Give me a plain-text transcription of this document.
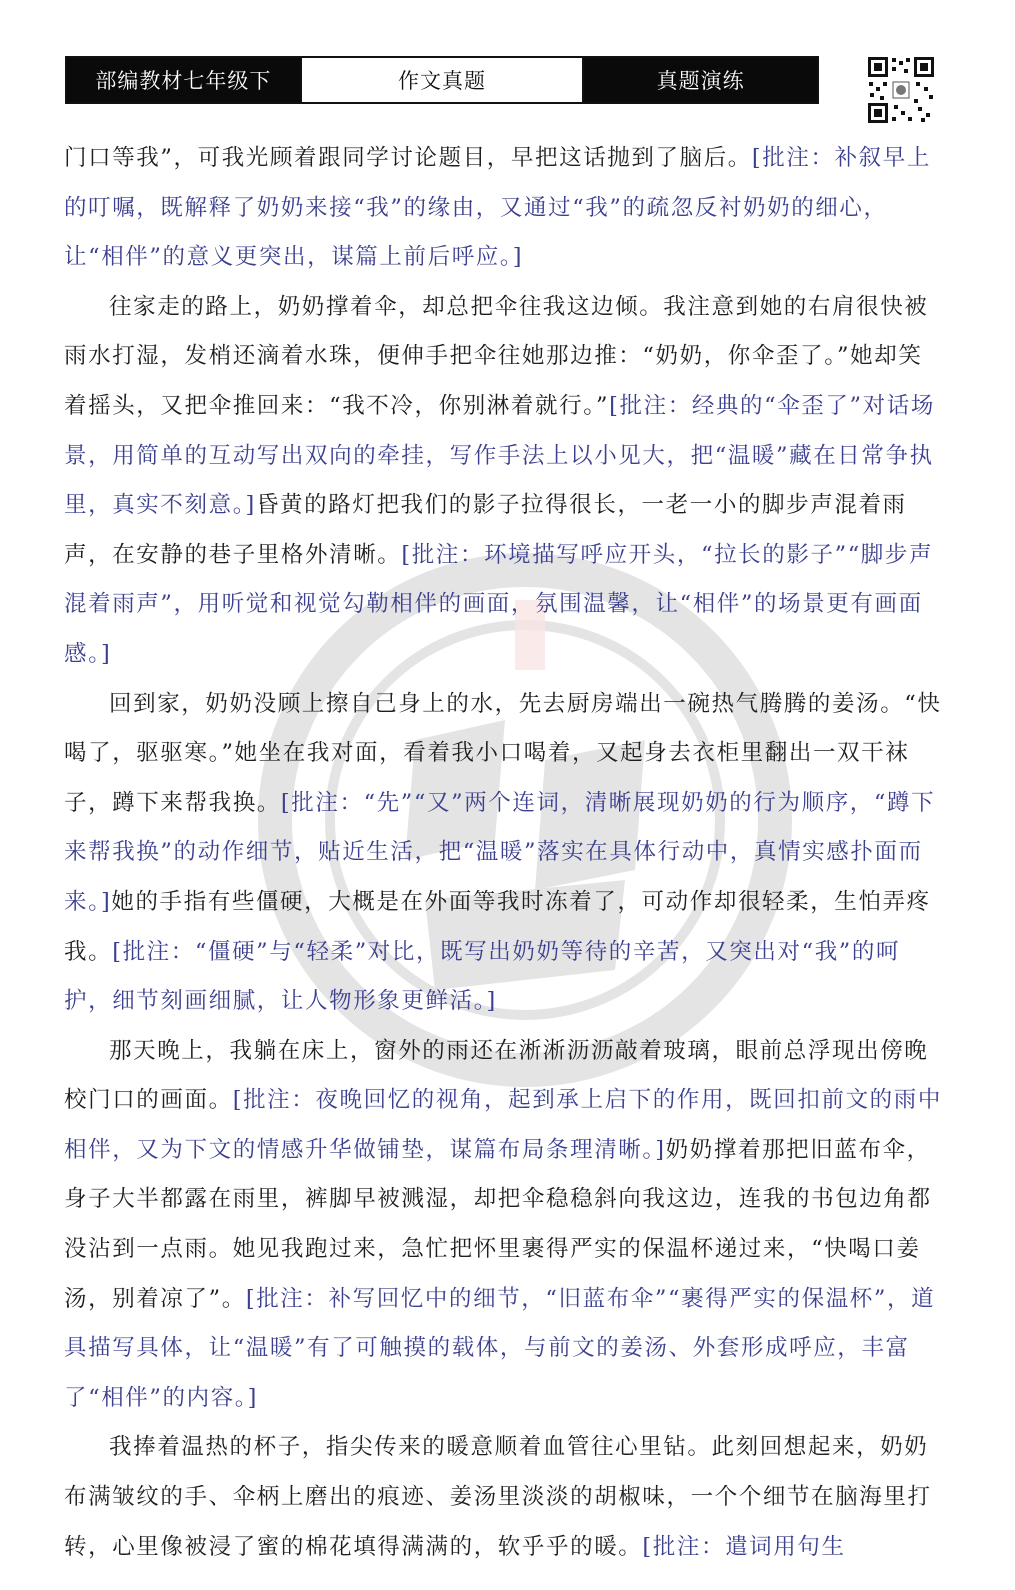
部编教材七年级下	作文真题	真题演练

门口等我”，可我光顾着跟同学讨论题目，早把这话抛到了脑后。[批注：补叙早上的叮嘱，既解释了奶奶来接“我”的缘由，又通过“我”的疏忽反衬奶奶的细心，让“相伴”的意义更突出，谋篇上前后呼应。]

往家走的路上，奶奶撑着伞，却总把伞往我这边倾。我注意到她的右肩很快被雨水打湿，发梢还滴着水珠，便伸手把伞往她那边推：“奶奶，你伞歪了。”她却笑着摇头，又把伞推回来：“我不冷，你别淋着就行。”[批注：经典的“伞歪了”对话场景，用简单的互动写出双向的牵挂，写作手法上以小见大，把“温暖”藏在日常争执里，真实不刻意。]昏黄的路灯把我们的影子拉得很长，一老一小的脚步声混着雨声，在安静的巷子里格外清晰。[批注：环境描写呼应开头，“拉长的影子”“脚步声混着雨声”，用听觉和视觉勾勒相伴的画面，氛围温馨，让“相伴”的场景更有画面感。]

回到家，奶奶没顾上擦自己身上的水，先去厨房端出一碗热气腾腾的姜汤。“快喝了，驱驱寒。”她坐在我对面，看着我小口喝着，又起身去衣柜里翻出一双干袜子，蹲下来帮我换。[批注：“先”“又”两个连词，清晰展现奶奶的行为顺序，“蹲下来帮我换”的动作细节，贴近生活，把“温暖”落实在具体行动中，真情实感扑面而来。]她的手指有些僵硬，大概是在外面等我时冻着了，可动作却很轻柔，生怕弄疼我。[批注：“僵硬”与“轻柔”对比，既写出奶奶等待的辛苦，又突出对“我”的呵护，细节刻画细腻，让人物形象更鲜活。]

那天晚上，我躺在床上，窗外的雨还在淅淅沥沥敲着玻璃，眼前总浮现出傍晚校门口的画面。[批注：夜晚回忆的视角，起到承上启下的作用，既回扣前文的雨中相伴，又为下文的情感升华做铺垫，谋篇布局条理清晰。]奶奶撑着那把旧蓝布伞，身子大半都露在雨里，裤脚早被溅湿，却把伞稳稳斜向我这边，连我的书包边角都没沾到一点雨。她见我跑过来，急忙把怀里裹得严实的保温杯递过来，“快喝口姜汤，别着凉了”。[批注：补写回忆中的细节，“旧蓝布伞”“裹得严实的保温杯”，道具描写具体，让“温暖”有了可触摸的载体，与前文的姜汤、外套形成呼应，丰富了“相伴”的内容。]

我捧着温热的杯子，指尖传来的暖意顺着血管往心里钻。此刻回想起来，奶奶布满皱纹的手、伞柄上磨出的痕迹、姜汤里淡淡的胡椒味，一个个细节在脑海里打转，心里像被浸了蜜的棉花填得满满的，软乎乎的暖。[批注：遣词用句生
